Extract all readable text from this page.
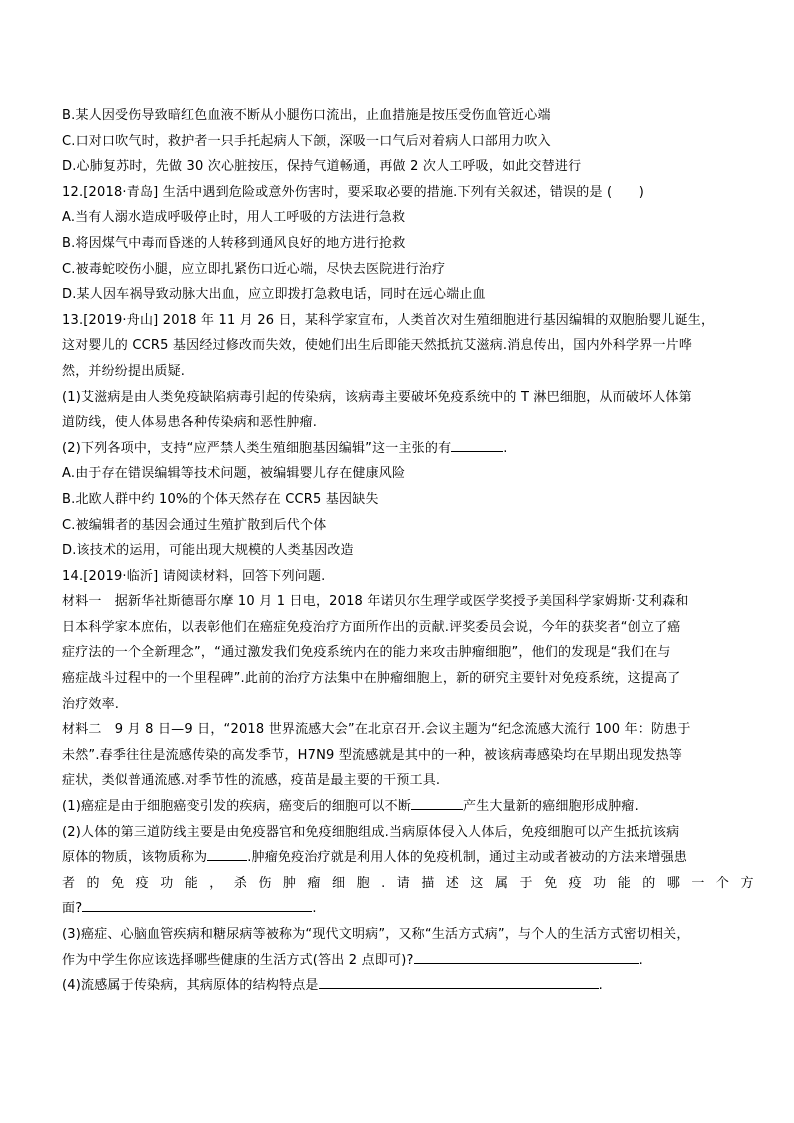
B.某人因受伤导致暗红色血液不断从小腿伤口流出，止血措施是按压受伤血管近心端
C.口对口吹气时，救护者一只手托起病人下颌，深吸一口气后对着病人口部用力吹入
D.心肺复苏时，先做 30 次心脏按压，保持气道畅通，再做 2 次人工呼吸，如此交替进行
12.[2018·青岛] 生活中遇到危险或意外伤害时，要采取必要的措施.下列有关叙述，错误的是 (　　)
A.当有人溺水造成呼吸停止时，用人工呼吸的方法进行急救
B.将因煤气中毒而昏迷的人转移到通风良好的地方进行抢救
C.被毒蛇咬伤小腿，应立即扎紧伤口近心端，尽快去医院进行治疗
D.某人因车祸导致动脉大出血，应立即拨打急救电话，同时在远心端止血
13.[2019·舟山] 2018 年 11 月 26 日，某科学家宣布，人类首次对生殖细胞进行基因编辑的双胞胎婴儿诞生，
这对婴儿的 CCR5 基因经过修改而失效，使她们出生后即能天然抵抗艾滋病.消息传出，国内外科学界一片哗
然，并纷纷提出质疑.
(1)艾滋病是由人类免疫缺陷病毒引起的传染病，该病毒主要破坏免疫系统中的 T 淋巴细胞，从而破坏人体第
道防线，使人体易患各种传染病和恶性肿瘤.
(2)下列各项中，支持“应严禁人类生殖细胞基因编辑”这一主张的有	.
A.由于存在错误编辑等技术问题，被编辑婴儿存在健康风险
B.北欧人群中约 10%的个体天然存在 CCR5 基因缺失
C.被编辑者的基因会通过生殖扩散到后代个体
D.该技术的运用，可能出现大规模的人类基因改造
14.[2019·临沂] 请阅读材料，回答下列问题.
材料一　据新华社斯德哥尔摩 10 月 1 日电，2018 年诺贝尔生理学或医学奖授予美国科学家姆斯·艾利森和
日本科学家本庶佑，以表彰他们在癌症免疫治疗方面所作出的贡献.评奖委员会说，今年的获奖者“创立了癌
症疗法的一个全新理念”，“通过激发我们免疫系统内在的能力来攻击肿瘤细胞”，他们的发现是“我们在与
癌症战斗过程中的一个里程碑”.此前的治疗方法集中在肿瘤细胞上，新的研究主要针对免疫系统，这提高了
治疗效率.
材料二　9 月 8 日—9 日，“2018 世界流感大会”在北京召开.会议主题为“纪念流感大流行 100 年：防患于
未然”.春季往往是流感传染的高发季节，H7N9 型流感就是其中的一种，被该病毒感染均在早期出现发热等
症状，类似普通流感.对季节性的流感，疫苗是最主要的干预工具.
(1)癌症是由于细胞癌变引发的疾病，癌变后的细胞可以不断	产生大量新的癌细胞形成肿瘤.
(2)人体的第三道防线主要是由免疫器官和免疫细胞组成.当病原体侵入人体后，免疫细胞可以产生抵抗该病
原体的物质，该物质称为	.肿瘤免疫治疗就是利用人体的免疫机制，通过主动或者被动的方法来增强患
者 的 免 疫 功 能 ， 杀 伤 肿 瘤 细 胞 . 请 描 述 这 属 于 免 疫 功 能 的 哪 一 个 方
面?	.
(3)癌症、心脑血管疾病和糖尿病等被称为“现代文明病”，又称“生活方式病”，与个人的生活方式密切相关，
作为中学生你应该选择哪些健康的生活方式(答出 2 点即可)?	.
(4)流感属于传染病，其病原体的结构特点是	.
